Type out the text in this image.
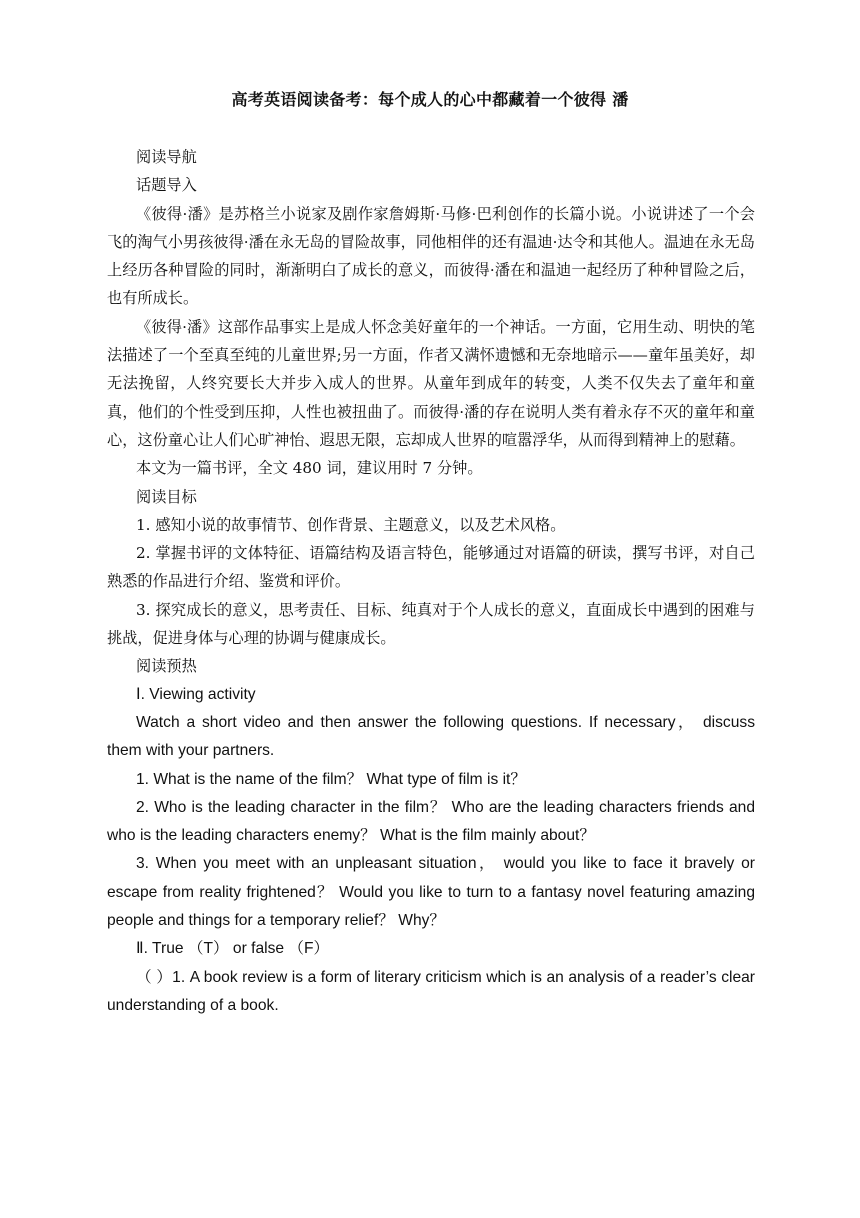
高考英语阅读备考：每个成人的心中都藏着一个彼得 潘

阅读导航

话题导入

《彼得·潘》是苏格兰小说家及剧作家詹姆斯·马修·巴利创作的长篇小说。小说讲述了一个会飞的淘气小男孩彼得·潘在永无岛的冒险故事，同他相伴的还有温迪·达令和其他人。温迪在永无岛上经历各种冒险的同时，渐渐明白了成长的意义，而彼得·潘在和温迪一起经历了种种冒险之后，也有所成长。

《彼得·潘》这部作品事实上是成人怀念美好童年的一个神话。一方面，它用生动、明快的笔法描述了一个至真至纯的儿童世界;另一方面，作者又满怀遗憾和无奈地暗示——童年虽美好，却无法挽留，人终究要长大并步入成人的世界。从童年到成年的转变，人类不仅失去了童年和童真，他们的个性受到压抑，人性也被扭曲了。而彼得·潘的存在说明人类有着永存不灭的童年和童心，这份童心让人们心旷神怡、遐思无限，忘却成人世界的喧嚣浮华，从而得到精神上的慰藉。

本文为一篇书评，全文 480 词，建议用时 7 分钟。

阅读目标

1. 感知小说的故事情节、创作背景、主题意义，以及艺术风格。

2. 掌握书评的文体特征、语篇结构及语言特色，能够通过对语篇的研读，撰写书评，对自己熟悉的作品进行介绍、鉴赏和评价。

3. 探究成长的意义，思考责任、目标、纯真对于个人成长的意义，直面成长中遇到的困难与挑战，促进身体与心理的协调与健康成长。

阅读预热

Ⅰ. Viewing activity

Watch a short video and then answer the following questions. If necessary， discuss them with your partners.

1. What is the name of the film？ What type of film is it？

2. Who is the leading character in the film？ Who are the leading characters friends and who is the leading characters enemy？ What is the film mainly about？

3. When you meet with an unpleasant situation， would you like to face it bravely or escape from reality frightened？ Would you like to turn to a fantasy novel featuring amazing people and things for a temporary relief？ Why？

Ⅱ. True （T） or false （F）

（ ）1. A book review is a form of literary criticism which is an analysis of a reader’s clear understanding of a book.
